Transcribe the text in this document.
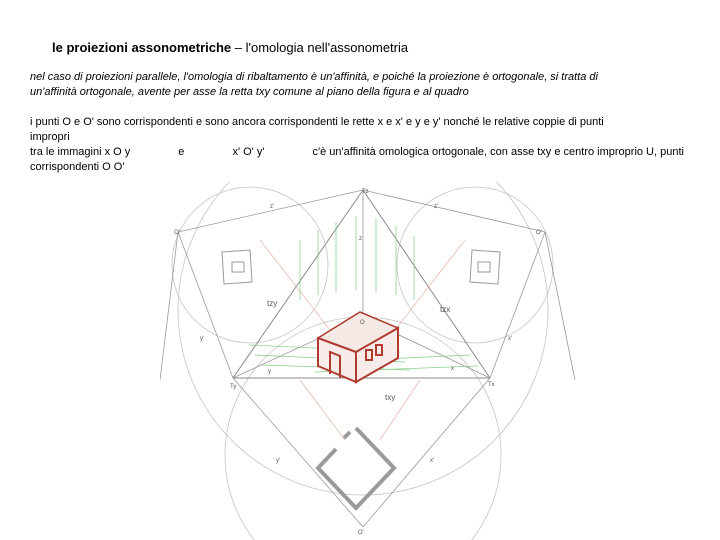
le proiezioni assonometriche – l'omologia nell'assonometria
nel caso di proiezioni parallele, l'omologia di ribaltamento è un'affinità, e poiché la proiezione è ortogonale, si tratta di
un'affinità ortogonale, avente per asse la retta txy comune al piano della figura e al quadro
i punti O e O' sono corrispondenti e sono ancora corrispondenti le rette x e x' e y e y' nonché le relative coppie di punti
impropri
tra le immagini x O y	e	x' O' y'	c'è un'affinità omologica ortogonale, con asse txy e centro improprio U, punti
corrispondenti O O'
Tz
Tx
Ty
tzy
tzx
txy
z
y	x
O
O'	O'
O'
z'	z'
y'	x'
y'	x'
